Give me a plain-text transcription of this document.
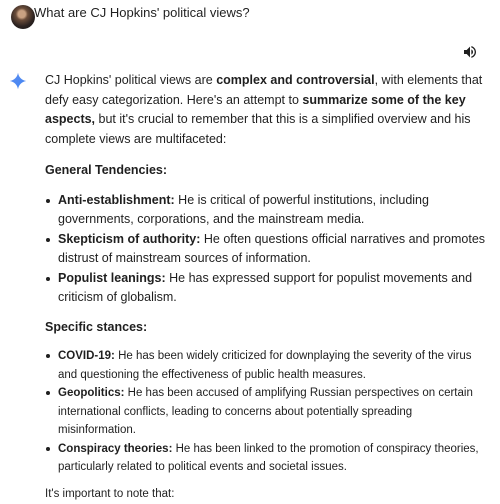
What are CJ Hopkins' political views?

CJ Hopkins' political views are complex and controversial, with elements that defy easy categorization. Here's an attempt to summarize some of the key aspects, but it's crucial to remember that this is a simplified overview and his complete views are multifaceted:

General Tendencies:

Anti-establishment: He is critical of powerful institutions, including governments, corporations, and the mainstream media.
Skepticism of authority: He often questions official narratives and promotes distrust of mainstream sources of information.
Populist leanings: He has expressed support for populist movements and criticism of globalism.

Specific stances:

COVID-19: He has been widely criticized for downplaying the severity of the virus and questioning the effectiveness of public health measures.
Geopolitics: He has been accused of amplifying Russian perspectives on certain international conflicts, leading to concerns about potentially spreading misinformation.
Conspiracy theories: He has been linked to the promotion of conspiracy theories, particularly related to political events and societal issues.

It's important to note that:
